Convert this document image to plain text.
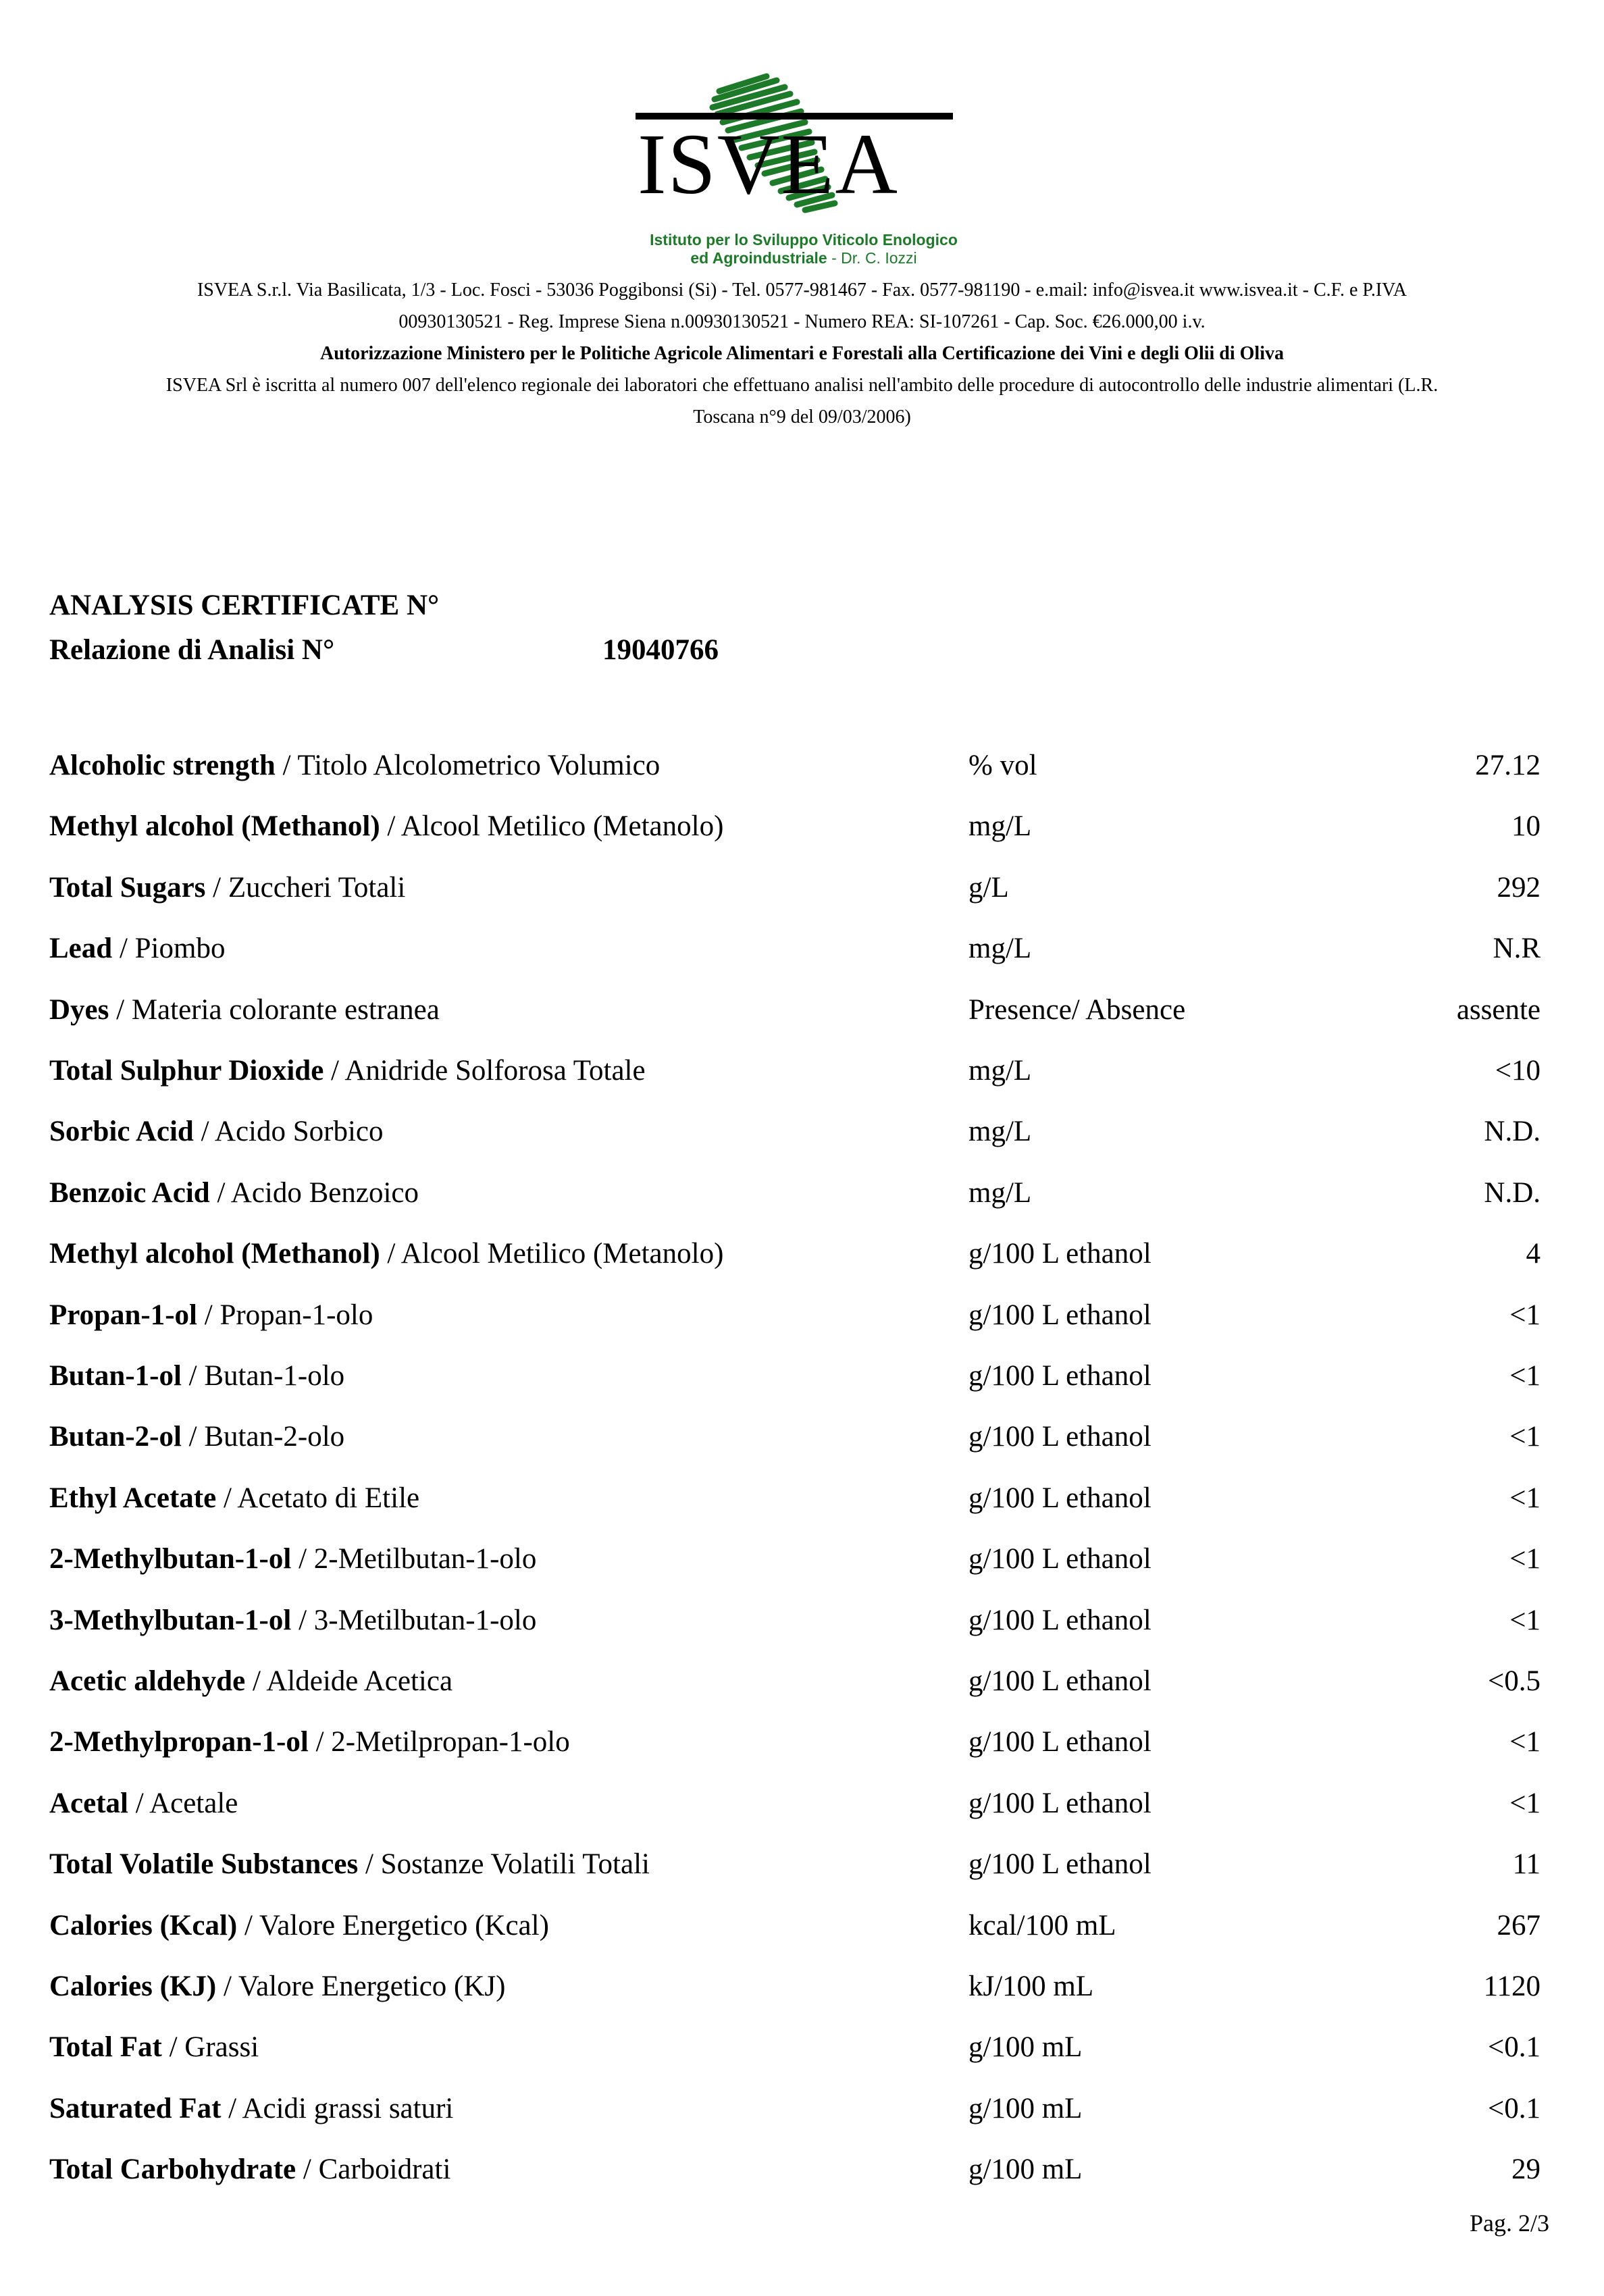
ISVEA
Istituto per lo Sviluppo Viticolo Enologico
ed Agroindustriale - Dr. C. Iozzi
ISVEA S.r.l. Via Basilicata, 1/3 - Loc. Fosci - 53036 Poggibonsi (Si) - Tel. 0577-981467 - Fax. 0577-981190 - e.mail: info@isvea.it www.isvea.it - C.F. e P.IVA
00930130521 - Reg. Imprese Siena n.00930130521 - Numero REA: SI-107261 - Cap. Soc. €26.000,00 i.v.
Autorizzazione Ministero per le Politiche Agricole Alimentari e Forestali alla Certificazione dei Vini e degli Olii di Oliva
ISVEA Srl è iscritta al numero 007 dell'elenco regionale dei laboratori che effettuano analisi nell'ambito delle procedure di autocontrollo delle industrie alimentari (L.R.
Toscana n°9 del 09/03/2006)
ANALYSIS CERTIFICATE N°
Relazione di Analisi N°	19040766
Alcoholic strength / Titolo Alcolometrico Volumico	% vol	27.12
Methyl alcohol (Methanol) / Alcool Metilico (Metanolo)	mg/L	10
Total Sugars / Zuccheri Totali	g/L	292
Lead / Piombo	mg/L	N.R
Dyes / Materia colorante estranea	Presence/ Absence	assente
Total Sulphur Dioxide / Anidride Solforosa Totale	mg/L	<10
Sorbic Acid / Acido Sorbico	mg/L	N.D.
Benzoic Acid / Acido Benzoico	mg/L	N.D.
Methyl alcohol (Methanol) / Alcool Metilico (Metanolo)	g/100 L ethanol	4
Propan-1-ol / Propan-1-olo	g/100 L ethanol	<1
Butan-1-ol / Butan-1-olo	g/100 L ethanol	<1
Butan-2-ol / Butan-2-olo	g/100 L ethanol	<1
Ethyl Acetate / Acetato di Etile	g/100 L ethanol	<1
2-Methylbutan-1-ol / 2-Metilbutan-1-olo	g/100 L ethanol	<1
3-Methylbutan-1-ol / 3-Metilbutan-1-olo	g/100 L ethanol	<1
Acetic aldehyde / Aldeide Acetica	g/100 L ethanol	<0.5
2-Methylpropan-1-ol / 2-Metilpropan-1-olo	g/100 L ethanol	<1
Acetal / Acetale	g/100 L ethanol	<1
Total Volatile Substances / Sostanze Volatili Totali	g/100 L ethanol	11
Calories (Kcal) / Valore Energetico (Kcal)	kcal/100 mL	267
Calories (KJ) / Valore Energetico (KJ)	kJ/100 mL	1120
Total Fat / Grassi	g/100 mL	<0.1
Saturated Fat / Acidi grassi saturi	g/100 mL	<0.1
Total Carbohydrate / Carboidrati	g/100 mL	29
Pag. 2/3
